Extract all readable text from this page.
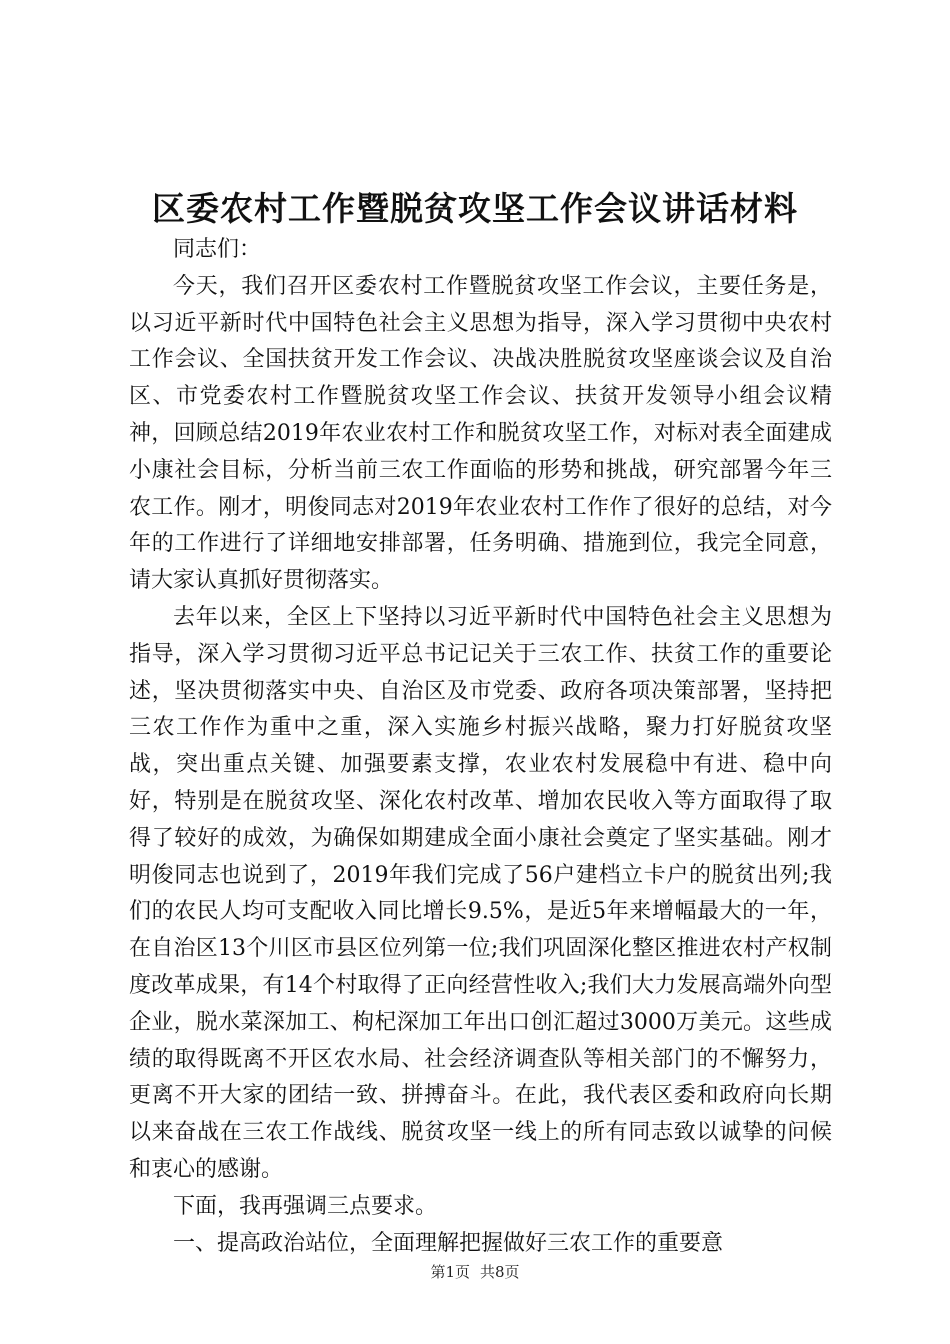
区委农村工作暨脱贫攻坚工作会议讲话材料

同志们：

今天，我们召开区委农村工作暨脱贫攻坚工作会议，主要任务是，以习近平新时代中国特色社会主义思想为指导，深入学习贯彻中央农村工作会议、全国扶贫开发工作会议、决战决胜脱贫攻坚座谈会议及自治区、市党委农村工作暨脱贫攻坚工作会议、扶贫开发领导小组会议精神，回顾总结2019年农业农村工作和脱贫攻坚工作，对标对表全面建成小康社会目标，分析当前三农工作面临的形势和挑战，研究部署今年三农工作。刚才，明俊同志对2019年农业农村工作作了很好的总结，对今年的工作进行了详细地安排部署，任务明确、措施到位，我完全同意，请大家认真抓好贯彻落实。

去年以来，全区上下坚持以习近平新时代中国特色社会主义思想为指导，深入学习贯彻习近平总书记记关于三农工作、扶贫工作的重要论述，坚决贯彻落实中央、自治区及市党委、政府各项决策部署，坚持把三农工作作为重中之重，深入实施乡村振兴战略，聚力打好脱贫攻坚战，突出重点关键、加强要素支撑，农业农村发展稳中有进、稳中向好，特别是在脱贫攻坚、深化农村改革、增加农民收入等方面取得了取得了较好的成效，为确保如期建成全面小康社会奠定了坚实基础。刚才明俊同志也说到了，2019年我们完成了56户建档立卡户的脱贫出列;我们的农民人均可支配收入同比增长9.5%，是近5年来增幅最大的一年，在自治区13个川区市县区位列第一位;我们巩固深化整区推进农村产权制度改革成果，有14个村取得了正向经营性收入;我们大力发展高端外向型企业，脱水菜深加工、枸杞深加工年出口创汇超过3000万美元。这些成绩的取得既离不开区农水局、社会经济调查队等相关部门的不懈努力，更离不开大家的团结一致、拼搏奋斗。在此，我代表区委和政府向长期以来奋战在三农工作战线、脱贫攻坚一线上的所有同志致以诚挚的问候和衷心的感谢。

下面，我再强调三点要求。

一、提高政治站位，全面理解把握做好三农工作的重要意

第1页 共8页
